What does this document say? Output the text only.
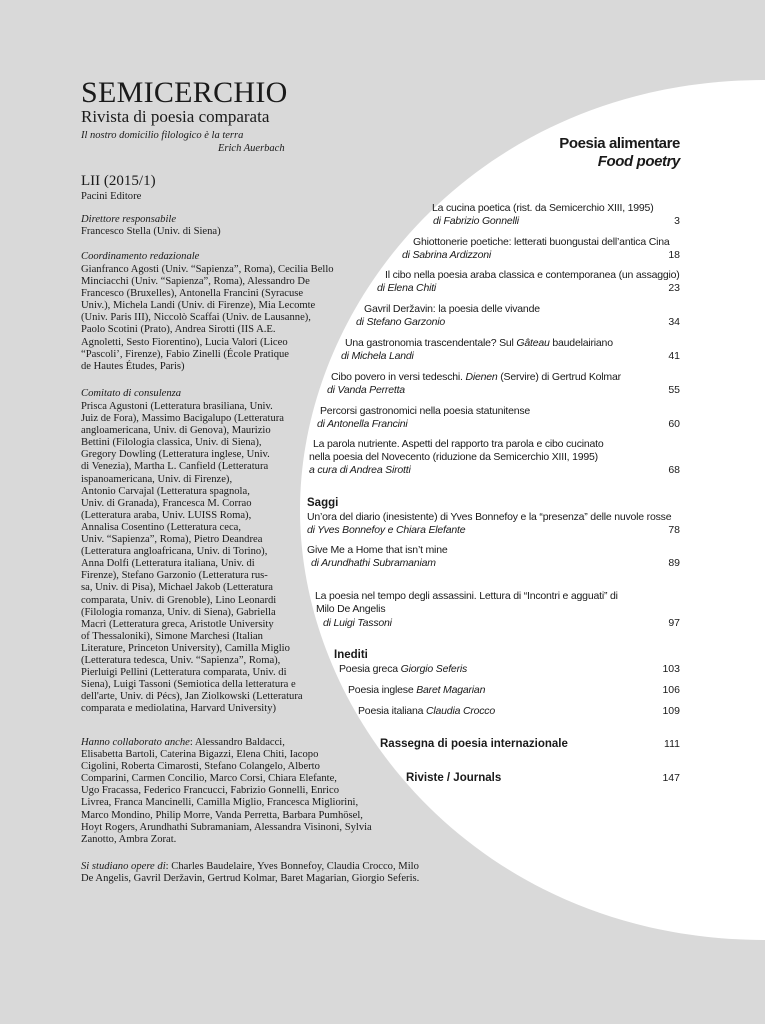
SEMICERCHIO
Rivista di poesia comparata
Il nostro domicilio filologico è la terra
Erich Auerbach
LII (2015/1)
Pacini Editore
Direttore responsabile
Francesco Stella (Univ. di Siena)
Coordinamento redazionale
Gianfranco Agosti (Univ. “Sapienza”, Roma), Cecilia Bello
Minciacchi (Univ. “Sapienza”, Roma), Alessandro De
Francesco (Bruxelles), Antonella Francini (Syracuse
Univ.), Michela Landi (Univ. di Firenze), Mia Lecomte
(Univ. Paris III), Niccolò Scaffai (Univ. de Lausanne),
Paolo Scotini (Prato), Andrea Sirotti (IIS A.E.
Agnoletti, Sesto Fiorentino), Lucia Valori (Liceo
“Pascoli’, Firenze), Fabio Zinelli (École Pratique
de Hautes Études, Paris)
Comitato di consulenza
Prisca Agustoni (Letteratura brasiliana, Univ.
Juiz de Fora), Massimo Bacigalupo (Letteratura
angloamericana, Univ. di Genova), Maurizio
Bettini (Filologia classica, Univ. di Siena),
Gregory Dowling (Letteratura inglese, Univ.
di Venezia), Martha L. Canfield (Letteratura
ispanoamericana, Univ. di Firenze),
Antonio Carvajal (Letteratura spagnola,
Univ. di Granada), Francesca M. Corrao
(Letteratura araba, Univ. LUISS Roma),
Annalisa Cosentino (Letteratura ceca,
Univ. “Sapienza”, Roma), Pietro Deandrea
(Letteratura angloafricana, Univ. di Torino),
Anna Dolfi (Letteratura italiana, Univ. di
Firenze), Stefano Garzonio (Letteratura rus-
sa, Univ. di Pisa), Michael Jakob (Letteratura
comparata, Univ. di Grenoble), Lino Leonardi
(Filologia romanza, Univ. di Siena), Gabriella
Macrì (Letteratura greca, Aristotle University
of Thessaloniki), Simone Marchesi (Italian
Literature, Princeton University), Camilla Miglio
(Letteratura tedesca, Univ. “Sapienza”, Roma),
Pierluigi Pellini (Letteratura comparata, Univ. di
Siena), Luigi Tassoni (Semiotica della letteratura e
dell'arte, Univ. di Pécs), Jan Ziolkowski (Letteratura
comparata e mediolatina, Harvard University)
Hanno collaborato anche: Alessandro Baldacci,
Elisabetta Bartoli, Caterina Bigazzi, Elena Chiti, Iacopo
Cigolini, Roberta Cimarosti, Stefano Colangelo, Alberto
Comparini, Carmen Concilio, Marco Corsi, Chiara Elefante,
Ugo Fracassa, Federico Francucci, Fabrizio Gonnelli, Enrico
Livrea, Franca Mancinelli, Camilla Miglio, Francesca Migliorini,
Marco Mondino, Philip Morre, Vanda Perretta, Barbara Pumhösel,
Hoyt Rogers, Arundhathi Subramaniam, Alessandra Visinoni, Sylvia
Zanotto, Ambra Zorat.
Si studiano opere di: Charles Baudelaire, Yves Bonnefoy, Claudia Crocco, Milo
De Angelis, Gavril Deržavin, Gertrud Kolmar, Baret Magarian, Giorgio Seferis.
Poesia alimentare
Food poetry
La cucina poetica (rist. da Semicerchio XIII, 1995)
di Fabrizio Gonnelli	3
Ghiottonerie poetiche: letterati buongustai dell’antica Cina
di Sabrina Ardizzoni	18
Il cibo nella poesia araba classica e contemporanea (un assaggio)
di Elena Chiti	23
Gavril Deržavin: la poesia delle vivande
di Stefano Garzonio	34
Una gastronomia trascendentale? Sul Gâteau baudelairiano
di Michela Landi	41
Cibo povero in versi tedeschi. Dienen (Servire) di Gertrud Kolmar
di Vanda Perretta	55
Percorsi gastronomici nella poesia statunitense
di Antonella Francini	60
La parola nutriente. Aspetti del rapporto tra parola e cibo cucinato
nella poesia del Novecento (riduzione da Semicerchio XIII, 1995)
a cura di Andrea Sirotti	68
Saggi
Un’ora del diario (inesistente) di Yves Bonnefoy e la “presenza” delle nuvole rosse
di Yves Bonnefoy e Chiara Elefante	78
Give Me a Home that isn’t mine
di Arundhathi Subramaniam	89
La poesia nel tempo degli assassini. Lettura di “Incontri e agguati” di
Milo De Angelis
di Luigi Tassoni	97
Inediti
Poesia greca Giorgio Seferis	103
Poesia inglese Baret Magarian	106
Poesia italiana Claudia Crocco	109
Rassegna di poesia internazionale	111
Riviste / Journals	147
